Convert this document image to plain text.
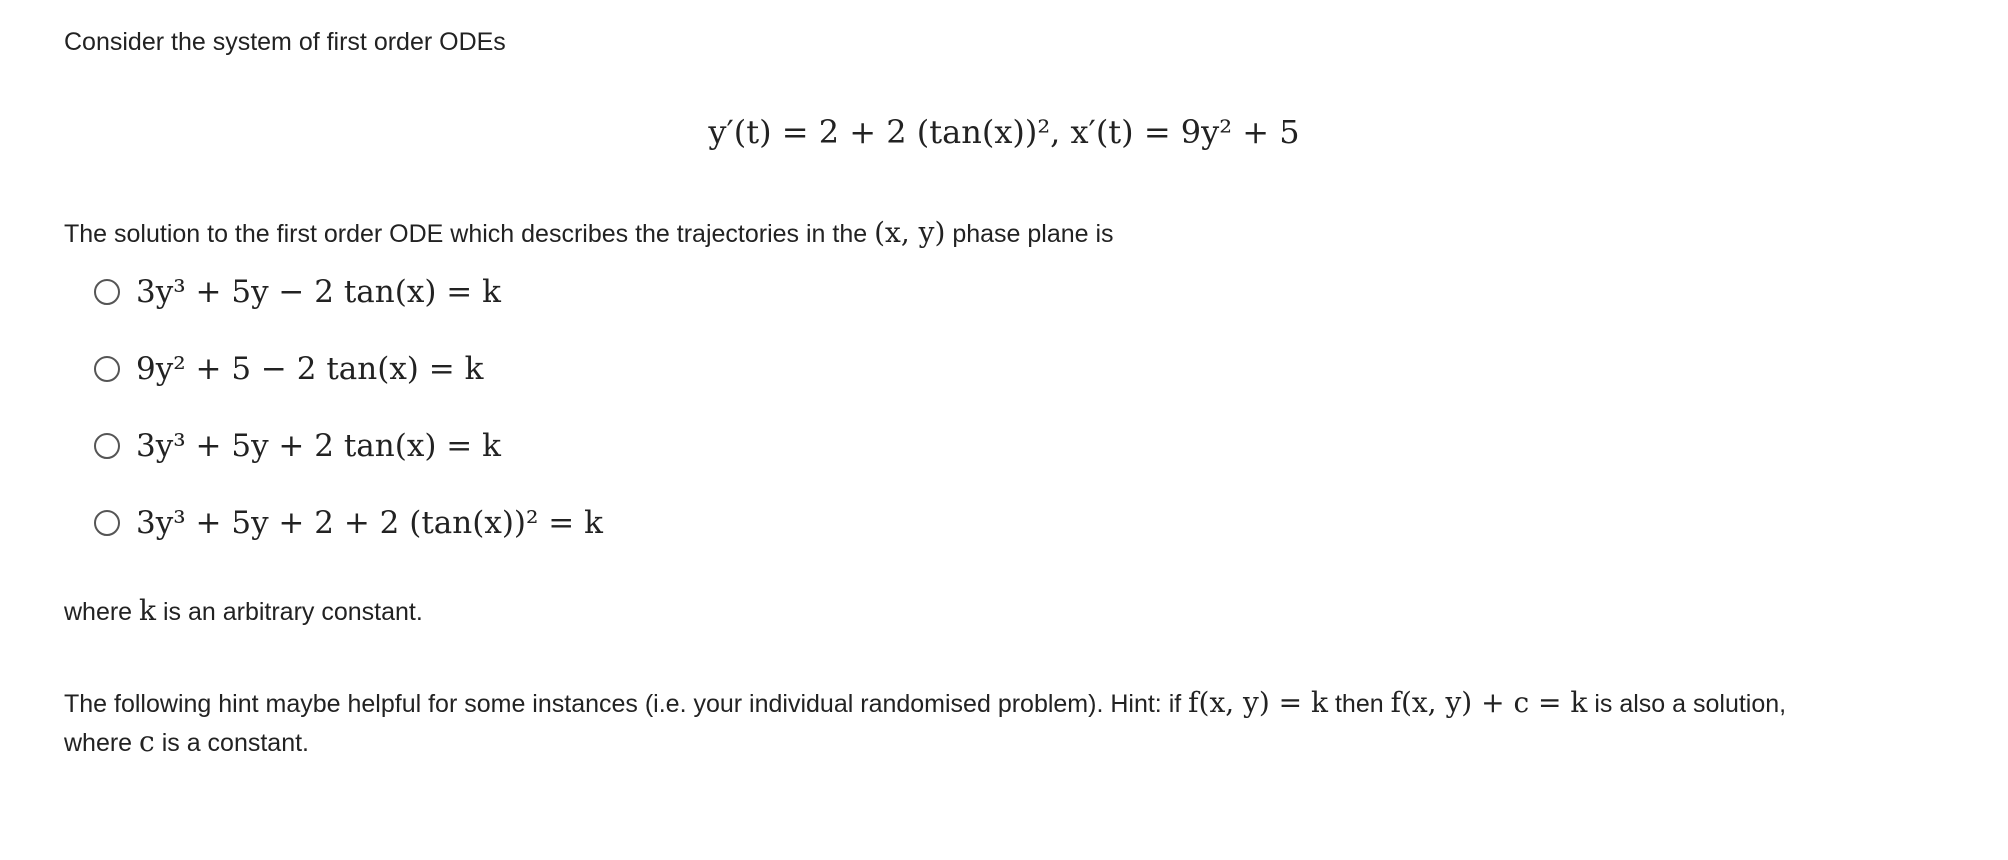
Consider the system of first order ODEs
y′(t) = 2 + 2 (tan(x))², x′(t) = 9y² + 5
The solution to the first order ODE which describes the trajectories in the (x, y) phase plane is
3y³ + 5y − 2 tan(x) = k
9y² + 5 − 2 tan(x) = k
3y³ + 5y + 2 tan(x) = k
3y³ + 5y + 2 + 2 (tan(x))² = k
where k is an arbitrary constant.
The following hint maybe helpful for some instances (i.e. your individual randomised problem). Hint: if f(x, y) = k then f(x, y) + c = k is also a solution,
where c is a constant.
